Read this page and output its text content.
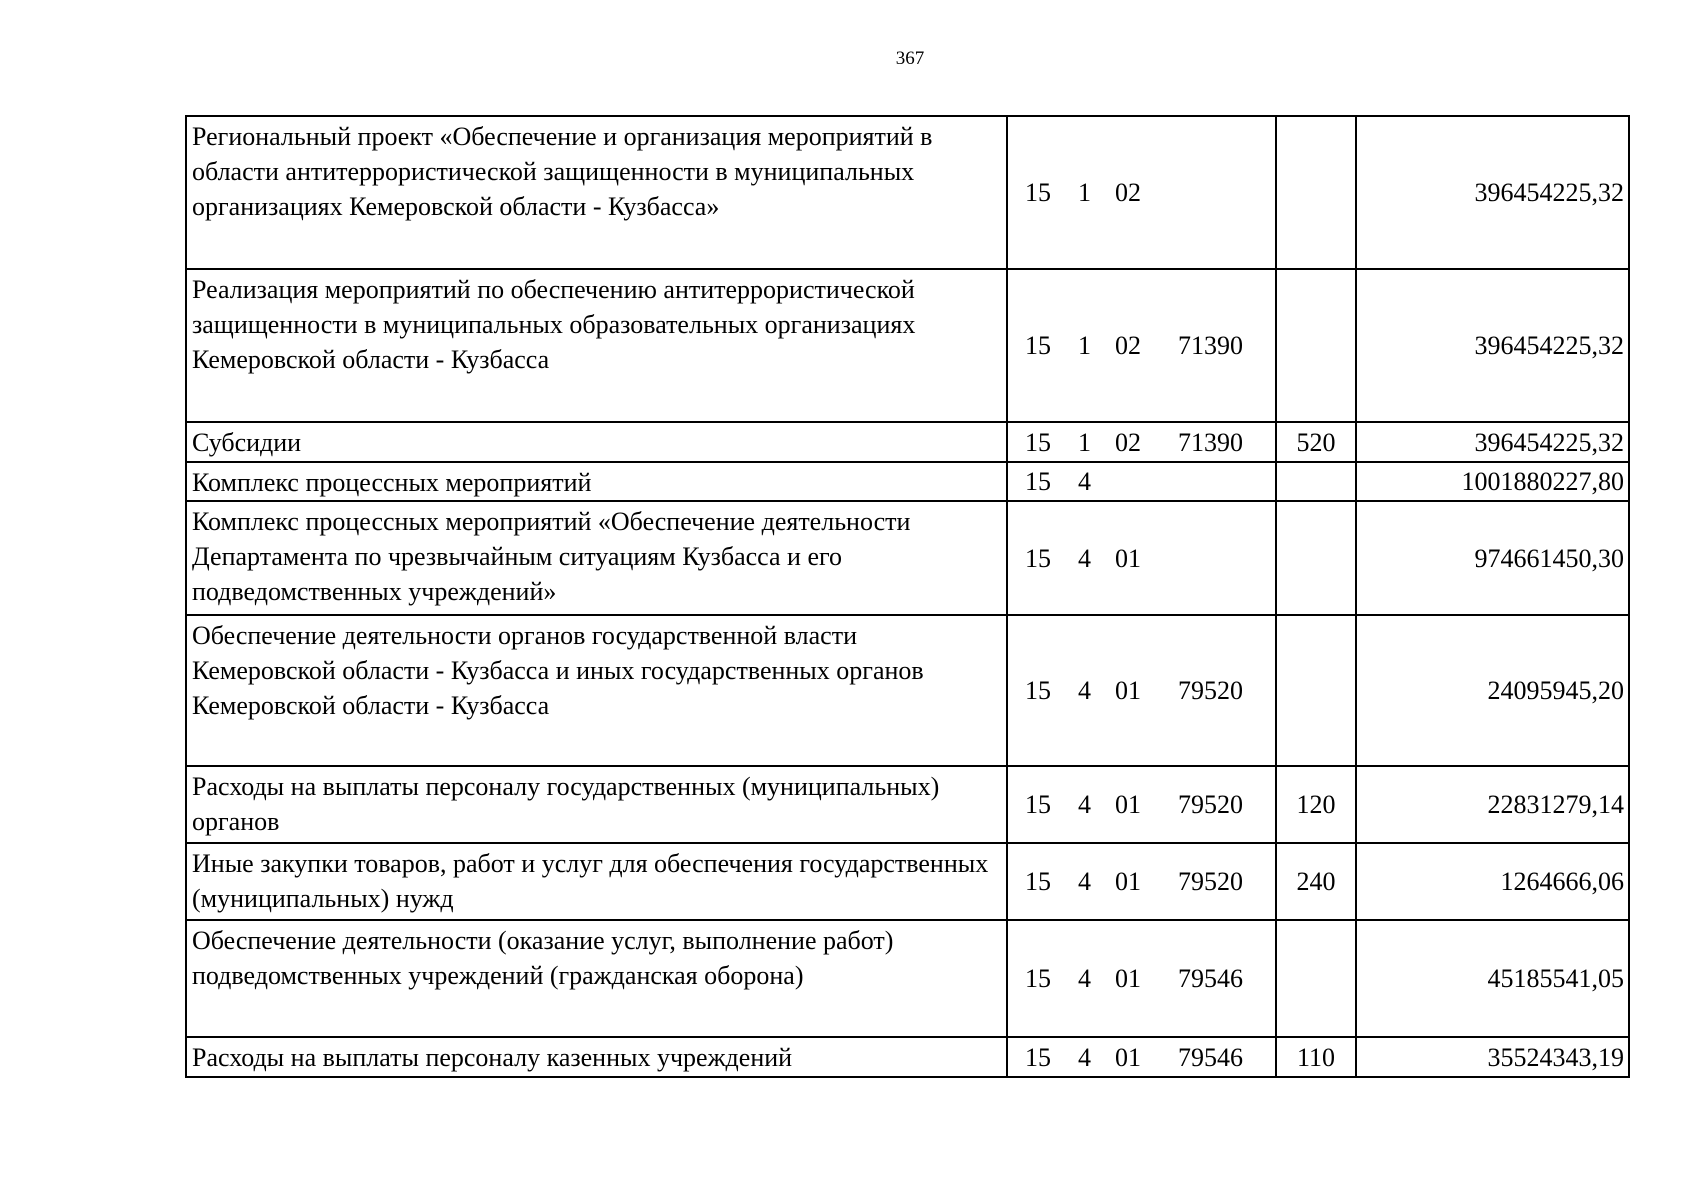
367
Региональный проект «Обеспечение и организация мероприятий в области антитеррористической защищенности в муниципальных организациях Кемеровской области - Кузбасса»	15 1 02		396454225,32
Реализация мероприятий по обеспечению антитеррористической защищенности в муниципальных образовательных организациях Кемеровской области - Кузбасса	15 1 02 71390		396454225,32
Субсидии	15 1 02 71390	520	396454225,32
Комплекс процессных мероприятий	15 4		1001880227,80
Комплекс процессных мероприятий «Обеспечение деятельности Департамента по чрезвычайным ситуациям Кузбасса и его подведомственных учреждений»	15 4 01		974661450,30
Обеспечение деятельности органов государственной власти Кемеровской области - Кузбасса и иных государственных органов Кемеровской области - Кузбасса	15 4 01 79520		24095945,20
Расходы на выплаты персоналу государственных (муниципальных) органов	15 4 01 79520	120	22831279,14
Иные закупки товаров, работ и услуг для обеспечения государственных (муниципальных) нужд	15 4 01 79520	240	1264666,06
Обеспечение деятельности (оказание услуг, выполнение работ) подведомственных учреждений (гражданская оборона)	15 4 01 79546		45185541,05
Расходы на выплаты персоналу казенных учреждений	15 4 01 79546	110	35524343,19
